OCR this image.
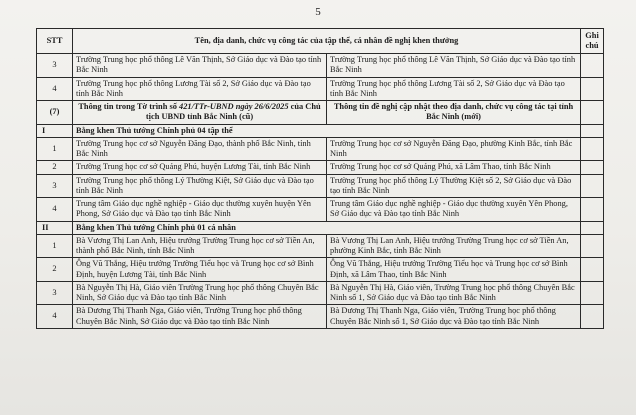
5
STT	Tên, địa danh, chức vụ công tác của tập thể, cá nhân đề nghị khen thưởng		Ghi chú
3	Trường Trung học phổ thông Lê Văn Thịnh, Sở Giáo dục và Đào tạo tỉnh Bắc Ninh	Trường Trung học phổ thông Lê Văn Thịnh, Sở Giáo dục và Đào tạo tỉnh Bắc Ninh	
4	Trường Trung học phổ thông Lương Tài số 2, Sở Giáo dục và Đào tạo tỉnh Bắc Ninh	Trường Trung học phổ thông Lương Tài số 2, Sở Giáo dục và Đào tạo tỉnh Bắc Ninh	
(7)	Thông tin trong Tờ trình số 421/TTr-UBND ngày 26/6/2025 của Chủ tịch UBND tỉnh Bắc Ninh (cũ)	Thông tin đề nghị cập nhật theo địa danh, chức vụ công tác tại tỉnh Bắc Ninh (mới)	
I	Bằng khen Thủ tướng Chính phủ 04 tập thể		
1	Trường Trung học cơ sở Nguyễn Đăng Đạo, thành phố Bắc Ninh, tỉnh Bắc Ninh	Trường Trung học cơ sở Nguyễn Đăng Đạo, phường Kinh Bắc, tỉnh Bắc Ninh	
2	Trường Trung học cơ sở Quảng Phú, huyện Lương Tài, tỉnh Bắc Ninh	Trường Trung học cơ sở Quảng Phú, xã Lâm Thao, tỉnh Bắc Ninh	
3	Trường Trung học phổ thông Lý Thường Kiệt, Sở Giáo dục và Đào tạo tỉnh Bắc Ninh	Trường Trung học phổ thông Lý Thường Kiệt số 2, Sở Giáo dục và Đào tạo tỉnh Bắc Ninh	
4	Trung tâm Giáo dục nghề nghiệp - Giáo dục thường xuyên huyện Yên Phong, Sở Giáo dục và Đào tạo tỉnh Bắc Ninh	Trung tâm Giáo dục nghề nghiệp - Giáo dục thường xuyên Yên Phong, Sở Giáo dục và Đào tạo tỉnh Bắc Ninh	
II	Bằng khen Thủ tướng Chính phủ 01 cá nhân		
1	Bà Vương Thị Lan Anh, Hiệu trưởng Trường Trung học cơ sở Tiền An, thành phố Bắc Ninh, tỉnh Bắc Ninh	Bà Vương Thị Lan Anh, Hiệu trưởng Trường Trung học cơ sở Tiền An, phường Kinh Bắc, tỉnh Bắc Ninh	
2	Ông Vũ Thắng, Hiệu trưởng Trường Tiểu học và Trung học cơ sở Bình Định, huyện Lương Tài, tỉnh Bắc Ninh	Ông Vũ Thắng, Hiệu trưởng Trường Tiểu học và Trung học cơ sở Bình Định, xã Lâm Thao, tỉnh Bắc Ninh	
3	Bà Nguyễn Thị Hà, Giáo viên Trường Trung học phổ thông Chuyên Bắc Ninh, Sở Giáo dục và Đào tạo tỉnh Bắc Ninh	Bà Nguyễn Thị Hà, Giáo viên, Trường Trung học phổ thông Chuyên Bắc Ninh số 1, Sở Giáo dục và Đào tạo tỉnh Bắc Ninh	
4	Bà Dương Thị Thanh Nga, Giáo viên, Trường Trung học phổ thông Chuyên Bắc Ninh, Sở Giáo dục và Đào tạo tỉnh Bắc Ninh	Bà Dương Thị Thanh Nga, Giáo viên, Trường Trung học phổ thông Chuyên Bắc Ninh số 1, Sở Giáo dục và Đào tạo tỉnh Bắc Ninh	
